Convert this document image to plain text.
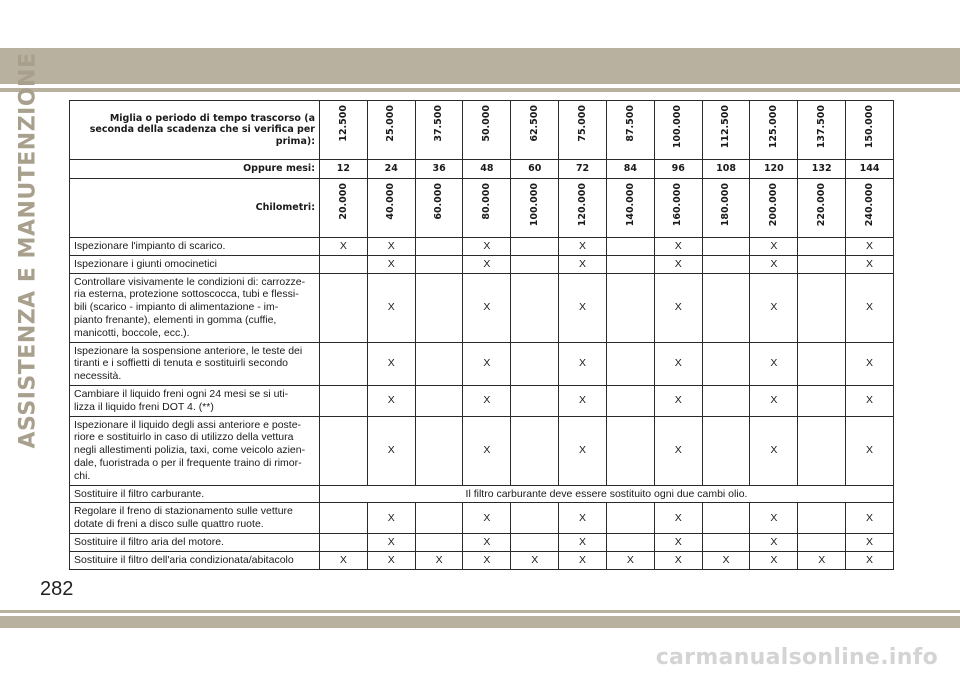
ASSISTENZA E MANUTENZIONE	Miglia o periodo di tempo trascorso (a seconda della scadenza che si verifica per prima):	12.500	25.000	37.500	50.000	62.500	75.000	87.500	100.000	112.500	125.000	137.500	150.000

Oppure mesi:	12	24	36	48	60	72	84	96	108	120	132	144
Chilometri:	20.000	40.000	60.000	80.000	100.000	120.000	140.000	160.000	180.000	200.000	220.000	240.000

Ispezionare l'impianto di scarico.	X	X		X		X		X		X		X
Ispezionare i giunti omocinetici		X		X		X		X		X		X
Controllare visivamente le condizioni di: carrozze-
ria esterna, protezione sottoscocca, tubi e flessi-
bili (scarico - impianto di alimentazione - im-
pianto frenante), elementi in gomma (cuffie,
manicotti, boccole, ecc.).		X		X		X		X		X		X
Ispezionare la sospensione anteriore, le teste dei
tiranti e i soffietti di tenuta e sostituirli secondo
necessità.		X		X		X		X		X		X
Cambiare il liquido freni ogni 24 mesi se si uti-
lizza il liquido freni DOT 4. (**)		X		X		X		X		X		X
Ispezionare il liquido degli assi anteriore e poste-
riore e sostituirlo in caso di utilizzo della vettura
negli allestimenti polizia, taxi, come veicolo azien-
dale, fuoristrada o per il frequente traino di rimor-
chi.		X		X		X		X		X		X
Sostituire il filtro carburante.	Il filtro carburante deve essere sostituito ogni due cambi olio.											
Regolare il freno di stazionamento sulle vetture
dotate di freni a disco sulle quattro ruote.		X		X		X		X		X		X
Sostituire il filtro aria del motore.		X		X		X		X		X		X
Sostituire il filtro dell'aria condizionata/abitacolo	X	X	X	X	X	X	X	X	X	X	X	X
282
carmanualsonline.info
